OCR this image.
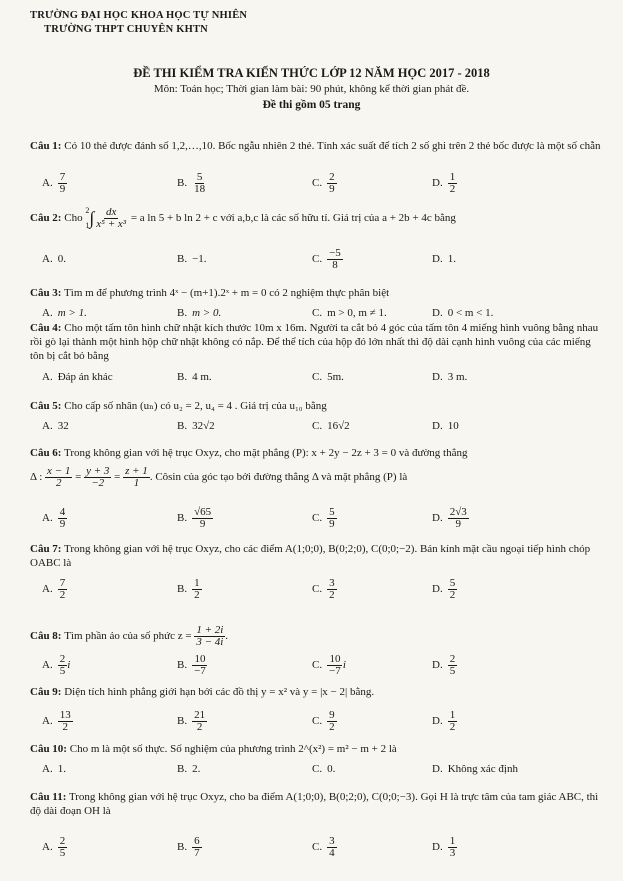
TRƯỜNG ĐẠI HỌC KHOA HỌC TỰ NHIÊN
TRƯỜNG THPT CHUYÊN KHTN
ĐỀ THI KIỂM TRA KIẾN THỨC LỚP 12 NĂM HỌC 2017 - 2018
Môn: Toán học; Thời gian làm bài: 90 phút, không kể thời gian phát đề.
Đề thi gồm 05 trang
Câu 1: Có 10 thẻ được đánh số 1,2,…,10. Bốc ngẫu nhiên 2 thẻ. Tính xác suất để tích 2 số ghi trên 2 thẻ bốc được là một số chẵn
A. $\frac{7}{9}$	B. $\frac{5}{18}$	C. $\frac{2}{9}$	D. $\frac{1}{2}$
Câu 2:
Cho

2
1 ∫ $\frac{dx}{\text{x⁵ + x³}}$
= a ln 5 + b ln 2 + c với a,b,c là các số hữu tỉ. Giá trị của a + 2b + 4c bằng
A. 0.	B. −1.	C. $\frac{-5}{8}$	D. 1.
Câu 3: Tìm m để phương trình 4ˣ − (m+1).2ˣ + m = 0 có 2 nghiệm thực phân biệt
A. m > 1.	B. m > 0.	C. m > 0, m ≠ 1.	D. 0 < m < 1.
Câu 4: Cho một tấm tôn hình chữ nhật kích thước 10m x 16m. Người ta cắt bỏ 4 góc của tấm tôn 4 miếng hình vuông bằng nhau rồi gò lại thành một hình hộp chữ nhật không có nắp. Để thể tích của hộp đó lớn nhất thì độ dài cạnh hình vuông của các miếng tôn bị cắt bỏ bằng
A. Đáp án khác	B. 4 m.	C. 5m.	D. 3 m.
Câu 5: Cho cấp số nhân (uₙ) có u₂ = 2, u₄ = 4 . Giá trị của u₁₀ bằng
A. 32	B. 32√2	C. 16√2	D. 10
Câu 6: Trong không gian với hệ trục Oxyz, cho mặt phẳng (P): x + 2y − 2z + 3 = 0 và đường thẳng
Δ :
$\frac{x - 1}{2} = \frac{y + 3}{-2} = \frac{z + 1}{1}$ . Côsin của góc tạo bởi đường thẳng Δ và mặt phẳng (P) là
A. $\frac{4}{9}$	B. $\frac{√65}{9}$	C. $\frac{5}{9}$	D. $\frac{2√3}{9}$
Câu 7: Trong không gian với hệ trục Oxyz, cho các điểm A(1;0;0), B(0;2;0), C(0;0;−2). Bán kính mặt cầu ngoại tiếp hình chóp OABC là
A. $\frac{7}{2}$	B. $\frac{1}{2}$	C. $\frac{3}{2}$	D. $\frac{5}{2}$
Câu 8:
Tìm phần ảo của số phức z =
$\frac{1 + 2i}{3 - 4i}$ .
A. $\frac{2}{5}$ i	B. $\frac{10}{-7}$	C. $\frac{10}{-7}$ i	D. $\frac{2}{5}$
Câu 9: Diện tích hình phẳng giới hạn bởi các đồ thị y = x² và y = |x − 2| bằng.
A. $\frac{13}{2}$	B. $\frac{21}{2}$	C. $\frac{9}{2}$	D. $\frac{1}{2}$
Câu 10: Cho m là một số thực. Số nghiệm của phương trình 2^(x²) = m² − m + 2 là
A. 1.	B. 2.	C. 0.	D. Không xác định
Câu 11: Trong không gian với hệ trục Oxyz, cho ba điểm A(1;0;0), B(0;2;0), C(0;0;−3). Gọi H là trực tâm của tam giác ABC, thì độ dài đoạn OH là
A. $\frac{2}{5}$	B. $\frac{6}{7}$	C. $\frac{3}{4}$	D. $\frac{1}{3}$
